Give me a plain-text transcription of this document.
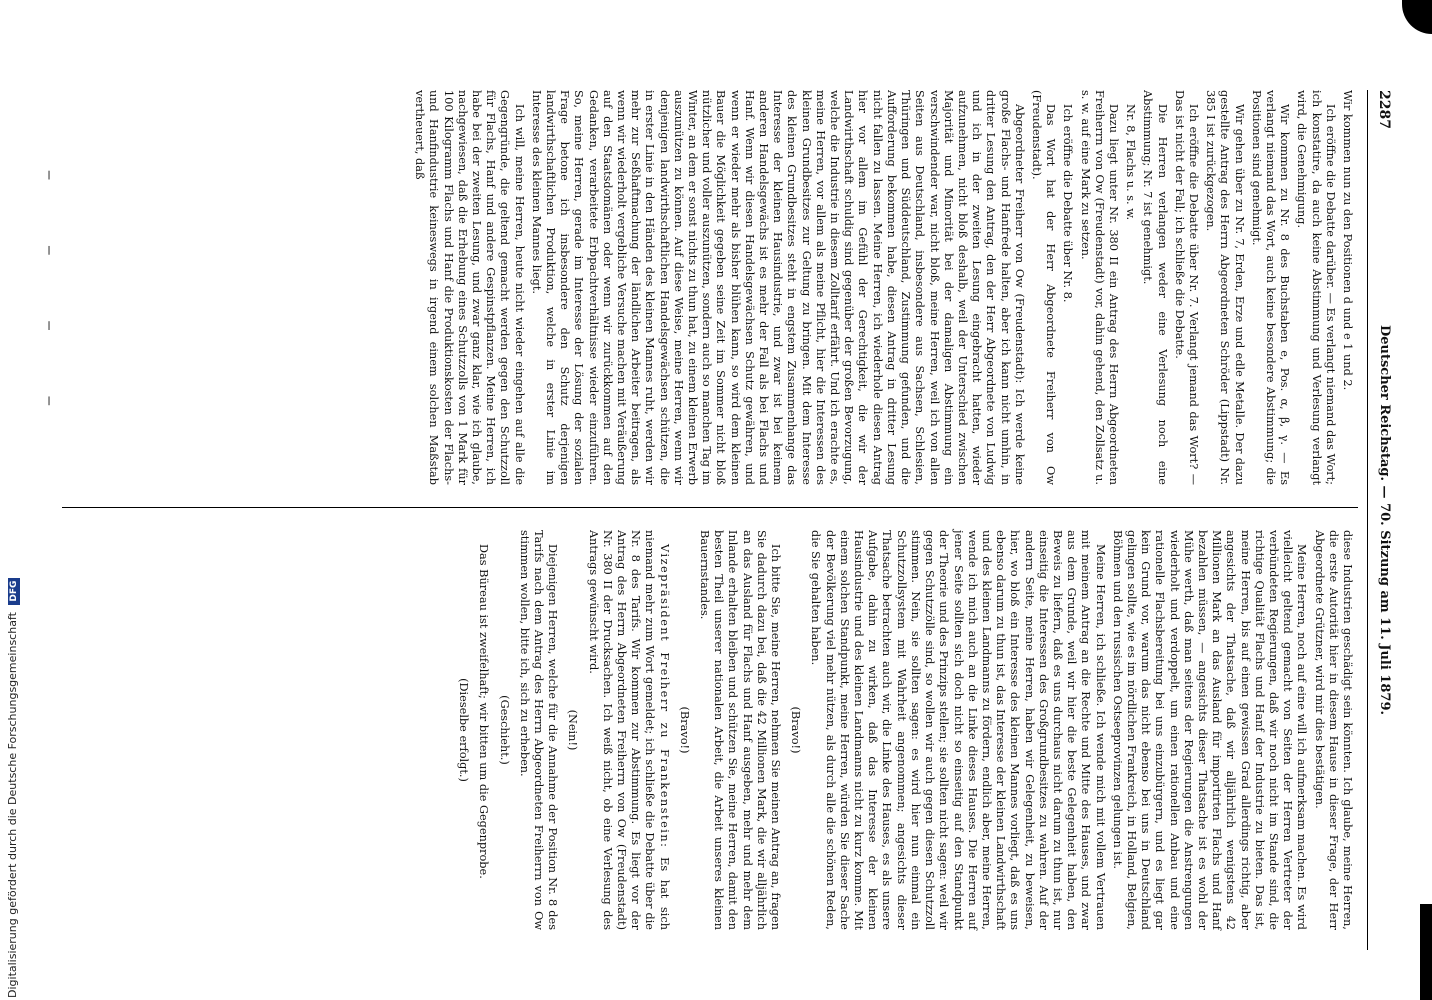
2287
Deutscher Reichstag. — 70. Sitzung am 11. Juli 1879.

Wir kommen nun zu den Positionen d und e 1 und 2.

Ich eröffne die Debatte darüber. — Es verlangt niemand das Wort; ich konstatire, da auch keine Abstimmung und Verlesung verlangt wird, die Genehmigung.

Wir kommen zu Nr. 8 des Buchstaben e, Pos. α, β, γ. — Es verlangt niemand das Wort, auch keine besondere Abstimmung; die Positionen sind genehmigt.

Wir gehen über zu Nr. 7, Erden, Erze und edle Metalle. Der dazu gestellte Antrag des Herrn Abgeordneten Schröder (Lippstadt) Nr. 385 I ist zurückgezogen.

Ich eröffne die Debatte über Nr. 7. Verlangt jemand das Wort? — Das ist nicht der Fall; ich schließe die Debatte.

Die Herren verlangen weder eine Verlesung noch eine Abstimmung; Nr. 7 ist genehmigt.

Nr. 8, Flachs u. s. w.

Dazu liegt unter Nr. 380 II ein Antrag des Herrn Abgeordneten Freiherrn von Ow (Freudenstadt) vor, dahin gehend, den Zollsatz u. s. w. auf eine Mark zu setzen.

Ich eröffne die Debatte über Nr. 8.

Das Wort hat der Herr Abgeordnete Freiherr von Ow (Freudenstadt).

Abgeordneter Freiherr von Ow (Freudenstadt): Ich werde keine große Flachs- und Hanfrede halten, aber ich kann nicht umhin, in dritter Lesung den Antrag, den der Herr Abgeordnete von Ludwig und ich in der zweiten Lesung eingebracht hatten, wieder aufzunehmen, nicht bloß deshalb, weil der Unterschied zwischen Majorität und Minorität bei der damaligen Abstimmung ein verschwindender war, nicht bloß, meine Herren, weil ich von allen Seiten aus Deutschland, insbesondere aus Sachsen, Schlesien, Thüringen und Süddeutschland, Zustimmung gefunden, und die Aufforderung bekommen habe, diesen Antrag in dritter Lesung nicht fallen zu lassen. Meine Herren, ich wiederhole diesen Antrag hier vor allem im Gefühl der Gerechtigkeit, die wir der Landwirthschaft schuldig sind gegenüber der großen Bevorzugung, welche die Industrie in diesem Zolltarif erfährt. Und ich erachte es, meine Herren, vor allem als meine Pflicht, hier die Interessen des kleinen Grundbesitzes zur Geltung zu bringen. Mit dem Interesse des kleinen Grundbesitzes steht in engstem Zusammenhange das Interesse der kleinen Hausindustrie, und zwar ist bei keinem anderen Handelsgewächs ist es mehr der Fall als bei Flachs und Hanf. Wenn wir diesen Handelsgewächsen Schutz gewähren, und wenn er wieder mehr als bisher blühen kann, so wird dem kleinen Bauer die Möglichkeit gegeben seine Zeit im Sommer nicht bloß nützlicher und voller auszunützen, sondern auch so manchen Tag im Winter, an dem er sonst nichts zu thun hat, zu einem kleinen Erwerb auszunützen zu können. Auf diese Weise, meine Herren, wenn wir denjenigen landwirthschaftlichen Handelsgewächsen schützen, die in erster Linie in den Händen des kleinen Mannes ruht, werden wir mehr zur Seßhaftmachung der ländlichen Arbeiter beitragen, als wenn wir wiederholt vergebliche Versuche machen mit Veräußerung auf den Staatsdomänen oder wenn wir zurückkommen auf den Gedanken, verarbeitete Erbpachtverhältnisse wieder einzuführen. So, meine Herren, gerade im Interesse der Lösung der sozialen Frage betone ich insbesondere den Schutz derjenigen landwirthschaftlichen Produktion, welche in erster Linie im Interesse des kleinen Mannes liegt.

Ich will, meine Herren, heute nicht wieder eingehen auf alle die Gegengründe, die geltend gemacht werden gegen den Schutzzoll für Flachs, Hanf und andere Gespinstpflanzen. Meine Herren, ich habe bei der zweiten Lesung, und zwar ganz klar, wie ich glaube, nachgewiesen, daß die Erhebung eines Schutzzolls von 1 Mark für 100 Kilogramm Flachs und Hanf die Produktionskosten der Flachs- und Hanfindustrie keineswegs in irgend einem solchen Maßstab vertheuert, daß

diese Industrien geschädigt sein könnten. Ich glaube, meine Herren, die erste Autorität hier in diesem Hause in dieser Frage, der Herr Abgeordnete Grützner, wird mir dies bestätigen.

Meine Herren, noch auf eine will ich aufmerksam machen. Es wird vielleicht geltend gemacht von Seiten der Herren Vertreter der verbündeten Regierungen, daß wir noch nicht im Stande sind, die richtige Qualität Flachs und Hanf der Industrie zu bieten. Das ist, meine Herren, bis auf einen gewissen Grad allerdings richtig, aber angesichts der Thatsache, daß wir alljährlich wenigstens 42 Millionen Mark an das Ausland für importirten Flachs und Hanf bezahlen müssen, — angesichts dieser Thatsache ist es wohl der Mühe werth, daß man seitens der Regierungen die Anstrengungen wiederholt und verdoppelt, um einen rationellen Anbau und eine rationelle Flachsbereitung bei uns einzubürgern, und es liegt gar kein Grund vor, warum das nicht ebenso bei uns in Deutschland gelingen sollte, wie es im nördlichen Frankreich, in Holland, Belgien, Böhmen und den russischen Ostseeprovinzen gelungen ist.

Meine Herren, ich schließe. Ich wende mich mit vollem Vertrauen mit meinem Antrag an die Rechte und Mitte des Hauses, und zwar aus dem Grunde, weil wir hier die beste Gelegenheit haben, den Beweis zu liefern, daß es uns durchaus nicht darum zu thun ist, nur einseitig die Interessen des Großgrundbesitzes zu wahren. Auf der andern Seite, meine Herren, haben wir Gelegenheit, zu beweisen, hier, wo bloß ein Interesse des kleinen Mannes vorliegt, daß es uns ebenso darum zu thun ist, das Interesse der kleinen Landwirthschaft und des kleinen Landmanns zu fördern, endlich aber, meine Herren, wende ich mich auch an die Linke dieses Hauses. Die Herren auf jener Seite sollten sich doch nicht so einseitig auf den Standpunkt der Theorie und des Prinzips stellen; sie sollten nicht sagen: weil wir gegen Schutzzölle sind, so wollen wir auch gegen diesen Schutzzoll stimmen. Nein, sie sollten sagen: es wird hier nun einmal ein Schutzzollsystem mit Wahrheit angenommen; angesichts dieser Thatsache betrachten auch wir, die Linke des Hauses, es als unsere Aufgabe, dahin zu wirken, daß das Interesse der kleinen Hausindustrie und des kleinen Landmanns nicht zu kurz komme. Mit einem solchen Standpunkt, meine Herren, würden Sie dieser Sache der Bevölkerung viel mehr nützen, als durch alle die schönen Reden, die Sie gehalten haben.

(Bravo!)

Ich bitte Sie, meine Herren, nehmen Sie meinen Antrag an, fragen Sie dadurch dazu bei, daß die 42 Millionen Mark, die wir alljährlich an das Ausland für Flachs und Hanf ausgeben, mehr und mehr dem Inlande erhalten bleiben und schützen Sie, meine Herren, damit den besten Theil unserer nationalen Arbeit, die Arbeit unseres kleinen Bauernstandes.

(Bravo!)

Vizepräsident Freiherr zu Frankenstein: Es hat sich niemand mehr zum Wort gemeldet; ich schließe die Debatte über die Nr. 8 des Tarifs. Wir kommen zur Abstimmung. Es liegt vor der Antrag des Herrn Abgeordneten Freiherrn von Ow (Freudenstadt) Nr. 380 II der Drucksachen. Ich weiß nicht, ob eine Verlesung des Antrags gewünscht wird.

(Nein!)

Diejenigen Herren, welche für die Annahme der Position Nr. 8 des Tarifs nach dem Antrag des Herrn Abgeordneten Freiherrn von Ow stimmen wollen, bitte ich, sich zu erheben.

(Geschieht.)

Das Büreau ist zweifelhaft; wir bitten um die Gegenprobe.

(Dieselbe erfolgt.)

‒ ‒ ‒ ‒
Digitalisierung gefördert durch die Deutsche Forschungsgemeinschaft DFG
